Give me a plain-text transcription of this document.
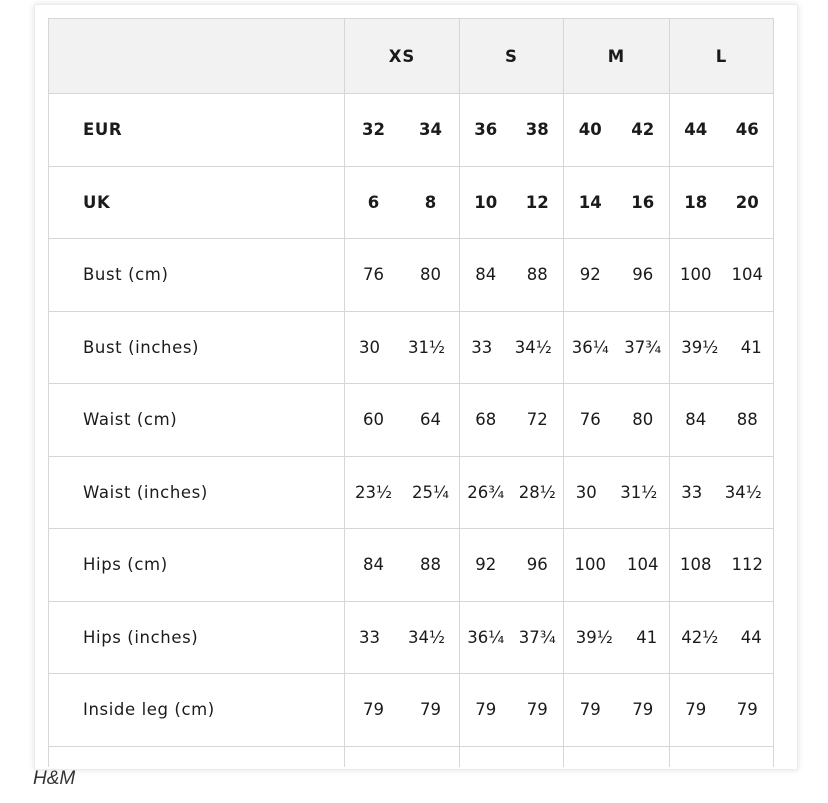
	XS	S	M	L
EUR	32 34	36 38	40 42	44 46

UK	6 8	10 12	14 16	18 20

Bust (cm)	76 80	84 88	92 96	100 104

Bust (inches)	30 31½	33 34½	36¼ 37¾	39½ 41

Waist (cm)	60 64	68 72	76 80	84 88

Waist (inches)	23½ 25¼	26¾ 28½	30 31½	33 34½

Hips (cm)	84 88	92 96	100 104	108 112

Hips (inches)	33 34½	36¼ 37¾	39½ 41	42½ 44

Inside leg (cm)	79 79	79 79	79 79	79 79

H&M
